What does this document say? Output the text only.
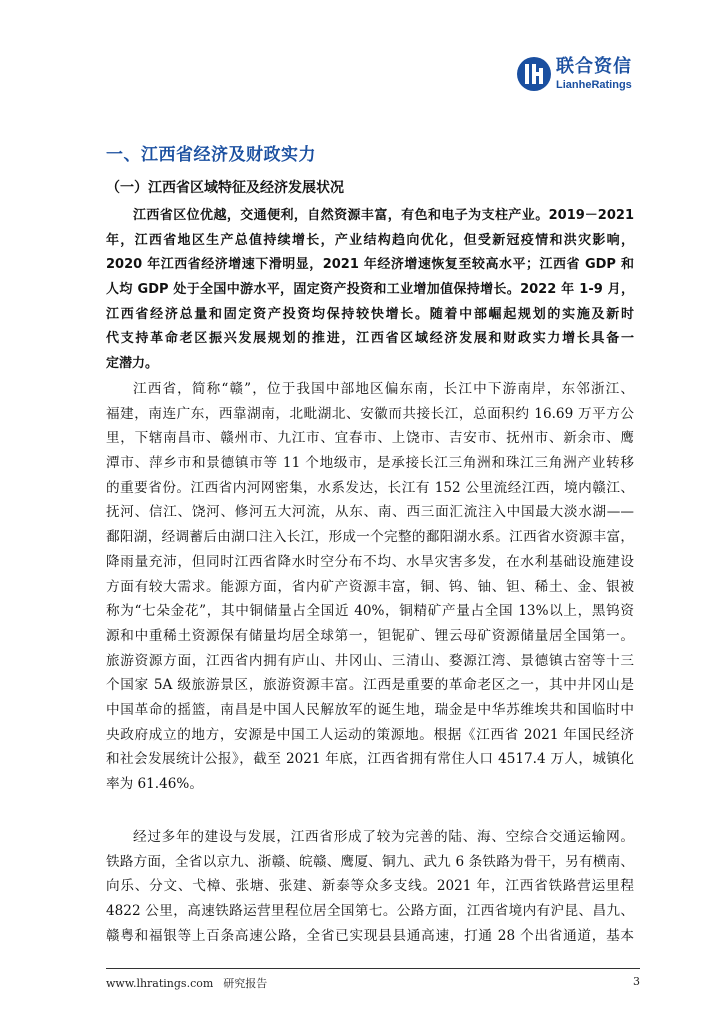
联合资信
LianheRatings
一、江西省经济及财政实力
（一）江西省区域特征及经济发展状况
江西省区位优越，交通便利，自然资源丰富，有色和电子为支柱产业。2019－2021
年，江西省地区生产总值持续增长，产业结构趋向优化，但受新冠疫情和洪灾影响，
2020 年江西省经济增速下滑明显，2021 年经济增速恢复至较高水平；江西省 GDP 和
人均 GDP 处于全国中游水平，固定资产投资和工业增加值保持增长。2022 年 1-9 月，
江西省经济总量和固定资产投资均保持较快增长。随着中部崛起规划的实施及新时
代支持革命老区振兴发展规划的推进，江西省区域经济发展和财政实力增长具备一
定潜力。
江西省，简称“赣”，位于我国中部地区偏东南，长江中下游南岸，东邻浙江、
福建，南连广东，西靠湖南，北毗湖北、安徽而共接长江，总面积约 16.69 万平方公
里，下辖南昌市、赣州市、九江市、宜春市、上饶市、吉安市、抚州市、新余市、鹰
潭市、萍乡市和景德镇市等 11 个地级市，是承接长江三角洲和珠江三角洲产业转移
的重要省份。江西省内河网密集，水系发达，长江有 152 公里流经江西，境内赣江、
抚河、信江、饶河、修河五大河流，从东、南、西三面汇流注入中国最大淡水湖——
鄱阳湖，经调蓄后由湖口注入长江，形成一个完整的鄱阳湖水系。江西省水资源丰富，
降雨量充沛，但同时江西省降水时空分布不均、水旱灾害多发，在水利基础设施建设
方面有较大需求。能源方面，省内矿产资源丰富，铜、钨、铀、钽、稀土、金、银被
称为“七朵金花”，其中铜储量占全国近 40%，铜精矿产量占全国 13%以上，黑钨资
源和中重稀土资源保有储量均居全球第一，钽铌矿、锂云母矿资源储量居全国第一。
旅游资源方面，江西省内拥有庐山、井冈山、三清山、婺源江湾、景德镇古窑等十三
个国家 5A 级旅游景区，旅游资源丰富。江西是重要的革命老区之一，其中井冈山是
中国革命的摇篮，南昌是中国人民解放军的诞生地，瑞金是中华苏维埃共和国临时中
央政府成立的地方，安源是中国工人运动的策源地。根据《江西省 2021 年国民经济
和社会发展统计公报》，截至 2021 年底，江西省拥有常住人口 4517.4 万人，城镇化
率为 61.46%。
经过多年的建设与发展，江西省形成了较为完善的陆、海、空综合交通运输网。
铁路方面，全省以京九、浙赣、皖赣、鹰厦、铜九、武九 6 条铁路为骨干，另有横南、
向乐、分文、弋樟、张塘、张建、新泰等众多支线。2021 年，江西省铁路营运里程
4822 公里，高速铁路运营里程位居全国第七。公路方面，江西省境内有沪昆、昌九、
赣粤和福银等上百条高速公路，全省已实现县县通高速，打通 28 个出省通道，基本
www.lhratings.com 研究报告	3
